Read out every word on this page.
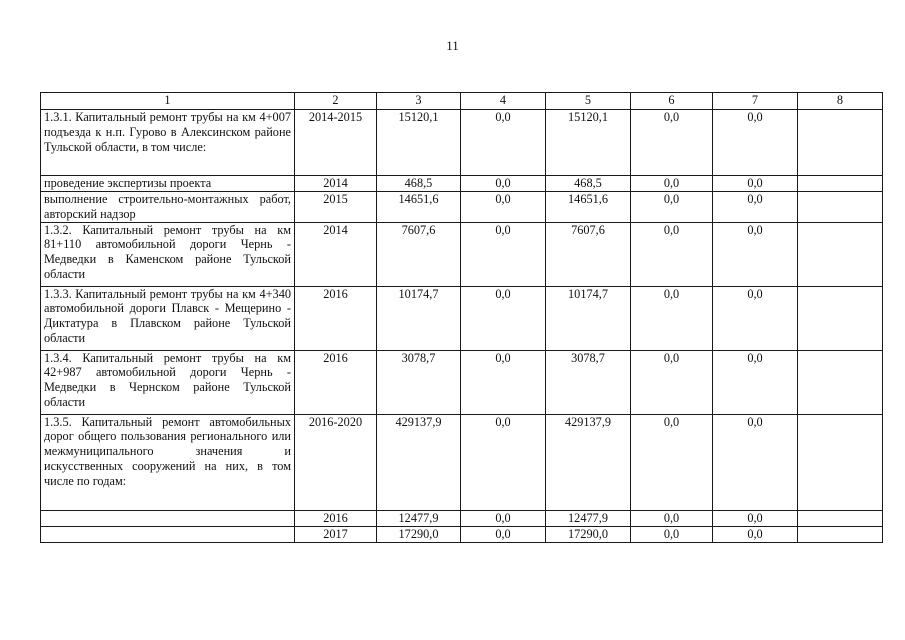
11
1	2	3	4	5	6	7	8
1.3.1. Капитальный ремонт трубы на км 4+007 подъезда к н.п. Гурово в Алексинском районе Тульской области, в том числе:	2014-2015	15120,1	0,0	15120,1	0,0	0,0	
проведение экспертизы проекта	2014	468,5	0,0	468,5	0,0	0,0	
выполнение строительно-монтажных работ, авторский надзор	2015	14651,6	0,0	14651,6	0,0	0,0	
1.3.2. Капитальный ремонт трубы на км 81+110 автомобильной дороги Чернь - Медведки в Каменском районе Тульской области	2014	7607,6	0,0	7607,6	0,0	0,0	
1.3.3. Капитальный ремонт трубы на км 4+340 автомобильной дороги Плавск - Мещерино - Диктатура в Плавском районе Тульской области	2016	10174,7	0,0	10174,7	0,0	0,0	
1.3.4. Капитальный ремонт трубы на км 42+987 автомобильной дороги Чернь - Медведки в Чернском районе Тульской области	2016	3078,7	0,0	3078,7	0,0	0,0	
1.3.5. Капитальный ремонт автомобильных дорог общего пользования регионального или межмуниципального значения и искусственных сооружений на них, в том числе по годам:	2016-2020	429137,9	0,0	429137,9	0,0	0,0	
	2016	12477,9	0,0	12477,9	0,0	0,0	
	2017	17290,0	0,0	17290,0	0,0	0,0	
